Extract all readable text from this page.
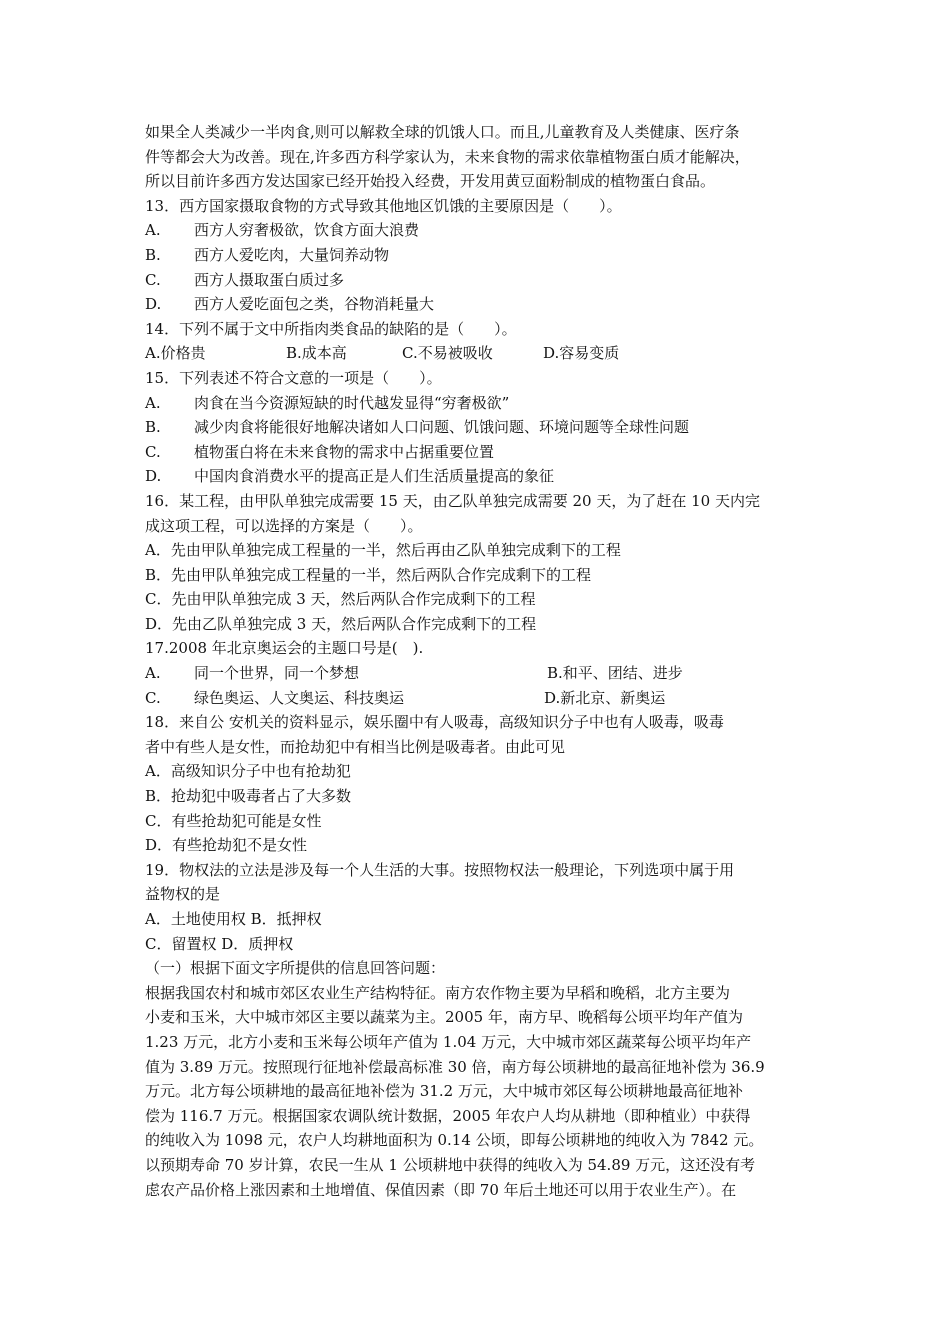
如果全人类减少一半肉食,则可以解救全球的饥饿人口。而且,儿童教育及人类健康、医疗条
件等都会大为改善。现在,许多西方科学家认为，未来食物的需求依靠植物蛋白质才能解决，
所以目前许多西方发达国家已经开始投入经费，开发用黄豆面粉制成的植物蛋白食品。
13．西方国家摄取食物的方式导致其他地区饥饿的主要原因是（　　）。
A. 西方人穷奢极欲，饮食方面大浪费
B. 西方人爱吃肉，大量饲养动物
C. 西方人摄取蛋白质过多
D. 西方人爱吃面包之类，谷物消耗量大
14．下列不属于文中所指肉类食品的缺陷的是（　　）。
A.价格贵	B.成本高	C.不易被吸收	D.容易变质
15．下列表述不符合文意的一项是（　　）。
A. 肉食在当今资源短缺的时代越发显得“穷奢极欲”
B. 减少肉食将能很好地解决诸如人口问题、饥饿问题、环境问题等全球性问题
C. 植物蛋白将在未来食物的需求中占据重要位置
D. 中国肉食消费水平的提高正是人们生活质量提高的象征
16．某工程，由甲队单独完成需要 15 天，由乙队单独完成需要 20 天，为了赶在 10 天内完
成这项工程，可以选择的方案是（　　）。
A．先由甲队单独完成工程量的一半，然后再由乙队单独完成剩下的工程
B．先由甲队单独完成工程量的一半，然后两队合作完成剩下的工程
C．先由甲队单独完成 3 天，然后两队合作完成剩下的工程
D．先由乙队单独完成 3 天，然后两队合作完成剩下的工程
17.2008 年北京奥运会的主题口号是(　).
A. 同一个世界，同一个梦想	B.和平、团结、进步
C. 绿色奥运、人文奥运、科技奥运	D.新北京、新奥运
18．来自公 安机关的资料显示，娱乐圈中有人吸毒，高级知识分子中也有人吸毒，吸毒
者中有些人是女性，而抢劫犯中有相当比例是吸毒者。由此可见
A．高级知识分子中也有抢劫犯
B．抢劫犯中吸毒者占了大多数
C．有些抢劫犯可能是女性
D．有些抢劫犯不是女性
19．物权法的立法是涉及每一个人生活的大事。按照物权法一般理论，下列选项中属于用
益物权的是
A．土地使用权 B．抵押权
C．留置权 D．质押权
（一）根据下面文字所提供的信息回答问题：
根据我国农村和城市郊区农业生产结构特征。南方农作物主要为早稻和晚稻，北方主要为
小麦和玉米，大中城市郊区主要以蔬菜为主。2005 年，南方早、晚稻每公顷平均年产值为
1.23 万元，北方小麦和玉米每公顷年产值为 1.04 万元，大中城市郊区蔬菜每公顷平均年产
值为 3.89 万元。按照现行征地补偿最高标准 30 倍，南方每公顷耕地的最高征地补偿为 36.9
万元。北方每公顷耕地的最高征地补偿为 31.2 万元，大中城市郊区每公顷耕地最高征地补
偿为 116.7 万元。根据国家农调队统计数据，2005 年农户人均从耕地（即种植业）中获得
的纯收入为 1098 元，农户人均耕地面积为 0.14 公顷，即每公顷耕地的纯收入为 7842 元。
以预期寿命 70 岁计算，农民一生从 1 公顷耕地中获得的纯收入为 54.89 万元，这还没有考
虑农产品价格上涨因素和土地增值、保值因素（即 70 年后土地还可以用于农业生产）。在
